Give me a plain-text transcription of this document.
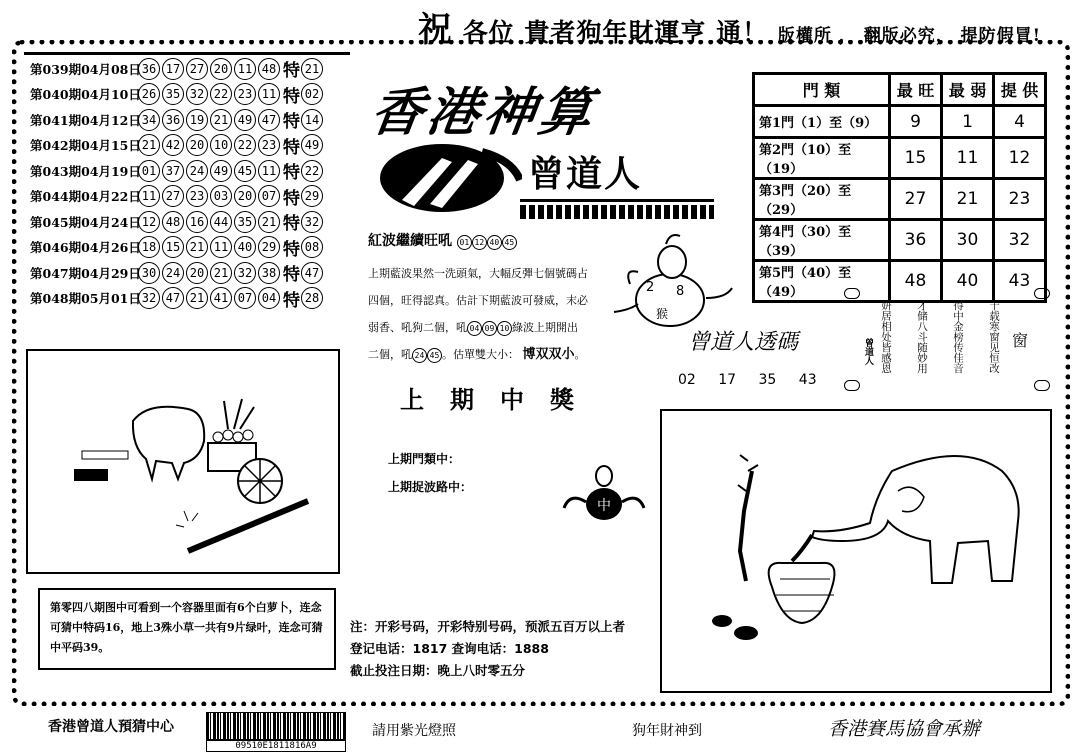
祝 各位 貴者狗年財運亨 通！ 版權所 ， 翻版必究， 提防假冒!
第039期04月08日 36 17 27 20 11 48 特 21
第040期04月10日 26 35 32 22 23 11 特 02
第041期04月12日 34 36 19 21 49 47 特 14
第042期04月15日 21 42 20 10 22 23 特 49
第043期04月19日 01 37 24 49 45 11 特 22
第044期04月22日 11 27 23 03 20 07 特 29
第045期04月24日 12 48 16 44 35 21 特 32
第046期04月26日 18 15 21 11 40 29 特 08
第047期04月29日 30 24 20 21 32 38 特 47
第048期05月01日 32 47 21 41 07 04 特 28
香港神算
曾道人
紅波繼續旺吼 01 12 40 45
上期藍波果然一洗頭氣，大幅反彈七個號碼占
四個，旺得認真。估計下期藍波可發威，末必
弱香、吼狗二個，吼 04 09 10 綠波上期開出
二個，吼 24 45 。估單雙大小： 博双双小。
門 類	最 旺	最 弱	提 供
第1門（1）至（9）	9	1	4
第2門（10）至（19）	15	11	12
第3門（20）至（29）	27	21	23
第4門（30）至（39）	36	30	32
第5門（40）至（49）	48	40	43
2 8
猴
曾道人透碼
02 17 35 43
十载寒窗见恒改
得中金榜传佳音
才储八斗随妙用
妍居相处皆感恩	窗
曾道人
上期中獎
上期門類中：
上期捉波路中：
中
第零四八期图中可看到一个容器里面有6个白萝卜，连念可猜中特码16，地上3殊小草一共有9片绿叶，连念可猜中平码39。
注：开彩号码，开彩特别号码，预派五百万以上者
登记电话：1817 查询电话：1888
截止投注日期：晚上八时零五分
香港曾道人預猜中心
09510E1811816A9
請用紫光燈照	狗年財神到	香港賽馬協會承辦
